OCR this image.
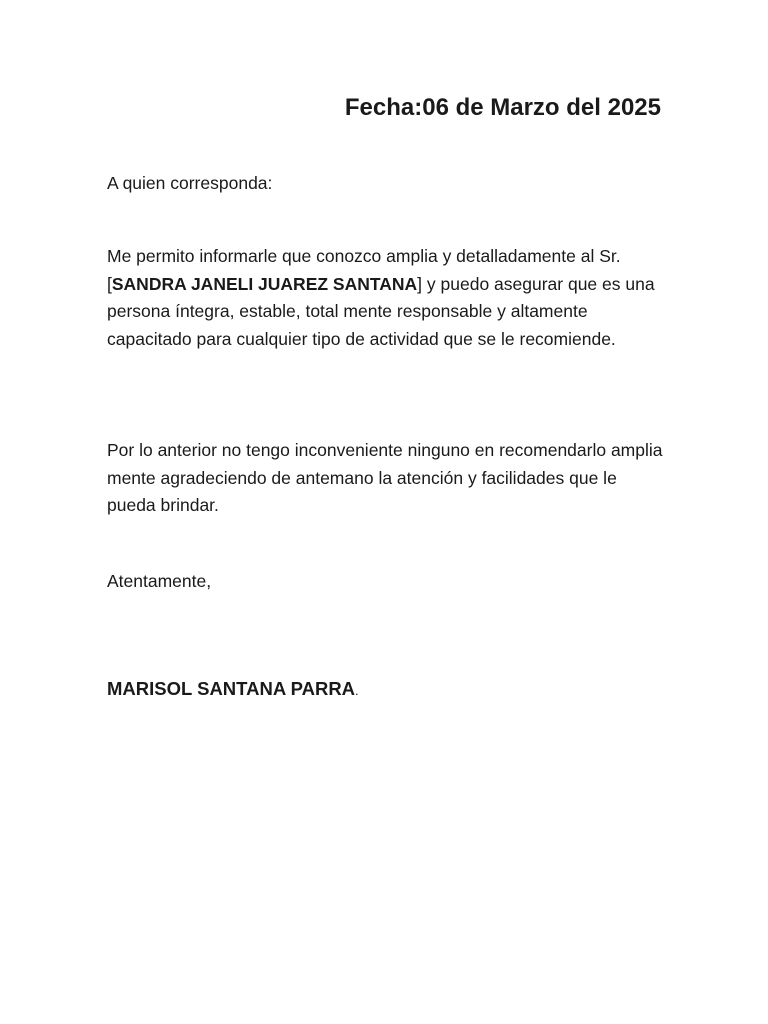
Fecha:06 de Marzo del 2025
A quien corresponda:
Me permito informarle que conozco amplia y detalladamente al Sr. [SANDRA JANELI JUAREZ SANTANA] y puedo asegurar que es una persona íntegra, estable, total mente responsable y altamente capacitado para cualquier tipo de actividad que se le recomiende.
Por lo anterior no tengo inconveniente ninguno en recomendarlo amplia mente agradeciendo de antemano la atención y facilidades que le pueda brindar.
Atentamente,
MARISOL SANTANA PARRA.
